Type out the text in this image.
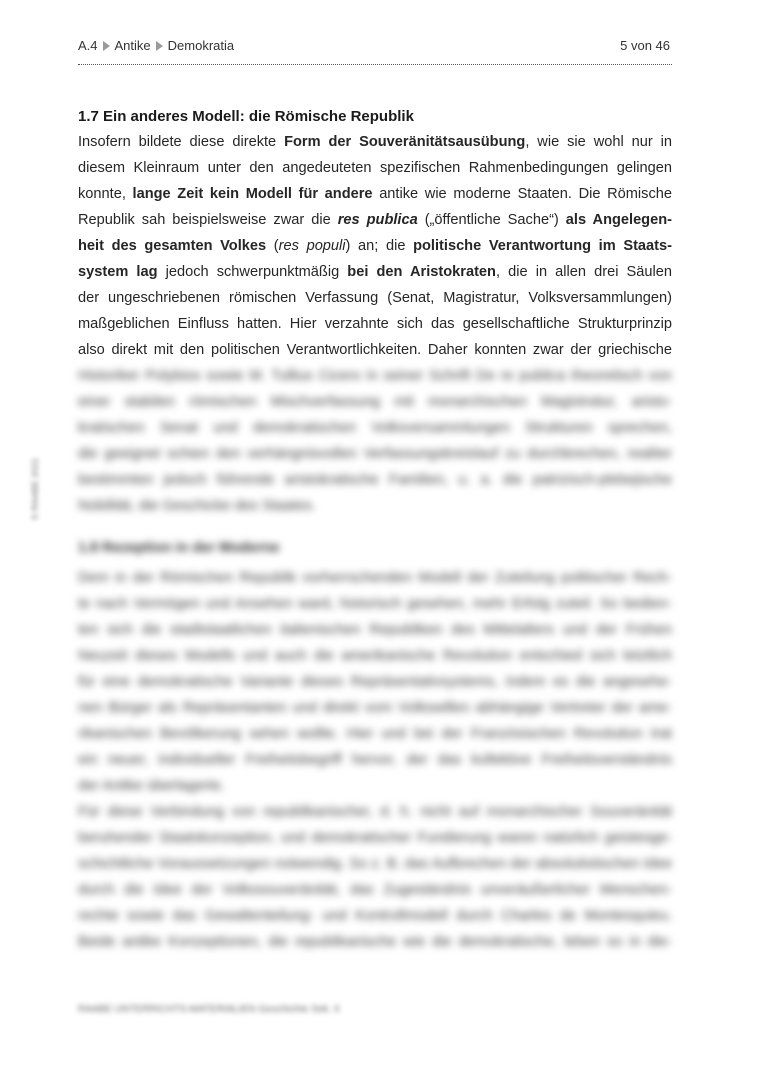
A.4 Antike Demokratia	5 von 46
© RAABE 2021
1.7 Ein anderes Modell: die Römische Republik
Insofern bildete diese direkte Form der Souveränitätsausübung, wie sie wohl nur in
diesem Kleinraum unter den angedeuteten spezifischen Rahmenbedingungen gelingen
konnte, lange Zeit kein Modell für andere antike wie moderne Staaten. Die Römische
Republik sah beispielsweise zwar die res publica („öffentliche Sache“) als Angelegen-
heit des gesamten Volkes (res populi) an; die politische Verantwortung im Staats-
system lag jedoch schwerpunktmäßig bei den Aristokraten, die in allen drei Säulen
der ungeschriebenen römischen Verfassung (Senat, Magistratur, Volksversammlungen)
maßgeblichen Einfluss hatten. Hier verzahnte sich das gesellschaftliche Strukturprinzip
also direkt mit den politischen Verantwortlichkeiten. Daher konnten zwar der griechische
Historiker Polybios sowie M. Tullius Cicero in seiner Schrift De re publica theoretisch von
einer stabilen römischen Mischverfassung mit monarchischen Magistratur, aristo-
kratischen Senat und demokratischen Volksversammlungen Strukturen sprechen,
die geeignet schien den verhängnisvollen Verfassungskreislauf zu durchbrechen, realiter
bestimmten jedoch führende aristokratische Familien, u. a. die patrizisch-plebejische
Nobilität, die Geschicke des Staates.
1.8 Rezeption in der Moderne
Dem in der Römischen Republik vorherrschenden Modell der Zuteilung politischer Rech-
te nach Vermögen und Ansehen ward, historisch gesehen, mehr Erfolg zuteil. So bedien-
ten sich die stadtstaatlichen italienischen Republiken des Mittelalters und der Frühen
Neuzeit dieses Modells und auch die amerikanische Revolution entschied sich letztlich
für eine demokratische Variante dieses Repräsentativsystems, indem es die angesehe-
nen Bürger als Repräsentanten und direkt vom Volkswillen abhängige Vertreter der ame-
rikanischen Bevölkerung sehen wollte. Hier und bei der Französischen Revolution trat
ein neuer, individueller Freiheitsbegriff hervor, der das kollektive Freiheitsverständnis
der Antike überlagerte.
Für diese Verbindung von republikanischer, d. h. nicht auf monarchischer Souveränität
beruhender Staatskonzeption, und demokratischer Fundierung waren natürlich geistesge-
schichtliche Voraussetzungen notwendig. So z. B. das Aufbrechen der absolutistischen Idee
durch die Idee der Volkssouveränität, das Zugeständnis unveräußerlicher Menschen-
rechte sowie das Gewaltenteilung- und Kontrollmodell durch Charles de Montesquieu.
Beide antike Konzeptionen, die republikanische wie die demokratische, leben so in die-
RAABE UNTERRICHTS-MATERIALIEN Geschichte Sek. II
